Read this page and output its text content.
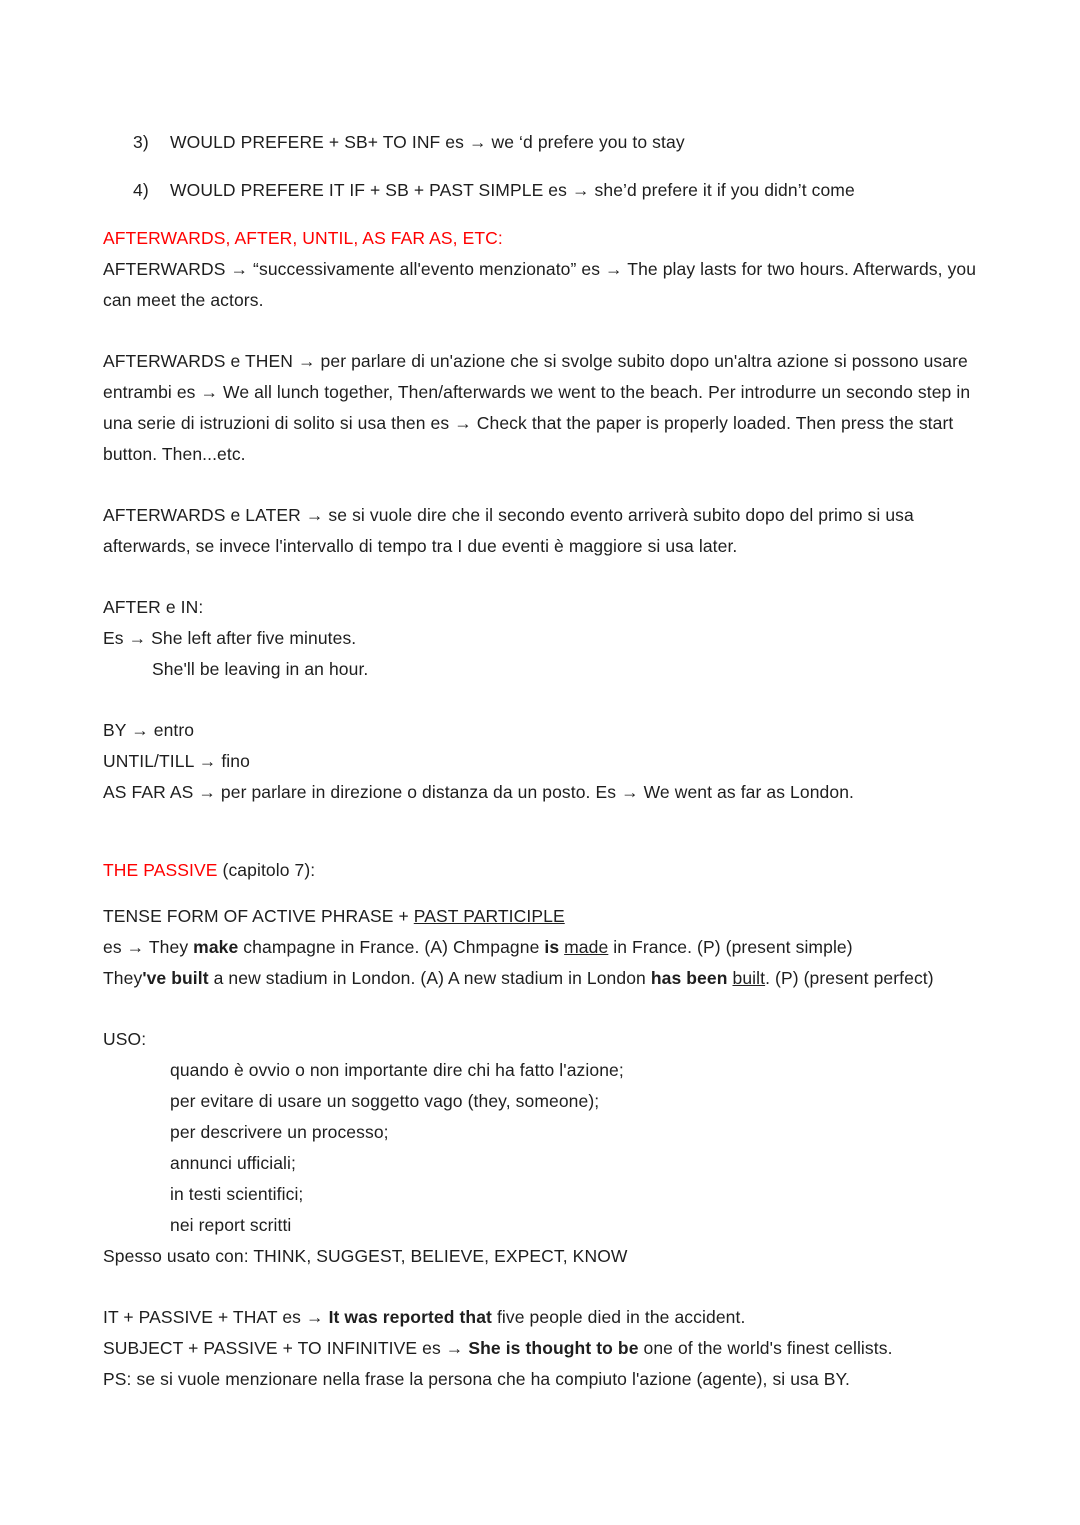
3) WOULD PREFERE + SB+ TO INF es → we ‘d prefere you to stay
4) WOULD PREFERE IT IF + SB + PAST SIMPLE es → she’d prefere it if you didn’t come
AFTERWARDS, AFTER, UNTIL, AS FAR AS, ETC:
AFTERWARDS → “successivamente all'evento menzionato” es → The play lasts for two hours. Afterwards, you can meet the actors.
AFTERWARDS e THEN → per parlare di un'azione che si svolge subito dopo un'altra azione si possono usare entrambi es → We all lunch together, Then/afterwards we went to the beach. Per introdurre un secondo step in una serie di istruzioni di solito si usa then es → Check that the paper is properly loaded. Then press the start button. Then...etc.
AFTERWARDS e LATER → se si vuole dire che il secondo evento arriverà subito dopo del primo si usa afterwards, se invece l'intervallo di tempo tra I due eventi è maggiore si usa later.
AFTER e IN:
Es → She left after five minutes.
She'll be leaving in an hour.
BY → entro
UNTIL/TILL → fino
AS FAR AS → per parlare in direzione o distanza da un posto. Es → We went as far as London.
THE PASSIVE (capitolo 7):
TENSE FORM OF ACTIVE PHRASE + PAST PARTICIPLE
es → They make champagne in France. (A) Chmpagne is made in France. (P) (present simple)
They've built a new stadium in London. (A) A new stadium in London has been built. (P) (present perfect)
USO:
quando è ovvio o non importante dire chi ha fatto l'azione;
per evitare di usare un soggetto vago (they, someone);
per descrivere un processo;
annunci ufficiali;
in testi scientifici;
nei report scritti
Spesso usato con: THINK, SUGGEST, BELIEVE, EXPECT, KNOW
IT + PASSIVE + THAT es → It was reported that five people died in the accident.
SUBJECT + PASSIVE + TO INFINITIVE es → She is thought to be one of the world's finest cellists.
PS: se si vuole menzionare nella frase la persona che ha compiuto l'azione (agente), si usa BY.
